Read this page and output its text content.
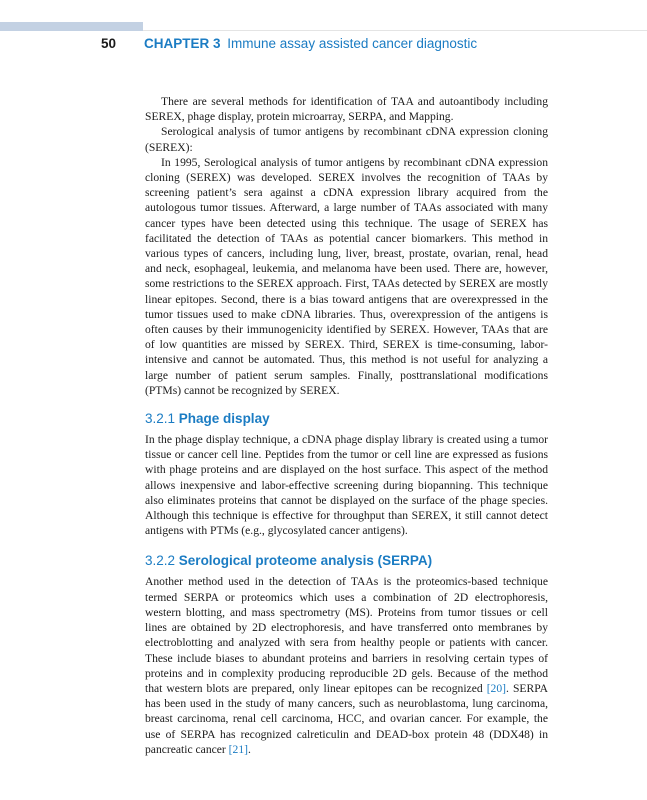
50 CHAPTER 3 Immune assay assisted cancer diagnostic

There are several methods for identification of TAA and autoantibody including SEREX, phage display, protein microarray, SERPA, and Mapping.

Serological analysis of tumor antigens by recombinant cDNA expression cloning (SEREX):

In 1995, Serological analysis of tumor antigens by recombinant cDNA expression cloning (SEREX) was developed. SEREX involves the recognition of TAAs by screening patient’s sera against a cDNA expression library acquired from the autologous tumor tissues. Afterward, a large number of TAAs associated with many cancer types have been detected using this technique. The usage of SEREX has facilitated the detection of TAAs as potential cancer biomarkers. This method in various types of cancers, including lung, liver, breast, prostate, ovarian, renal, head and neck, esophageal, leukemia, and melanoma have been used. There are, however, some restrictions to the SEREX approach. First, TAAs detected by SEREX are mostly linear epitopes. Second, there is a bias toward antigens that are overexpressed in the tumor tissues used to make cDNA libraries. Thus, overexpression of the antigens is often causes by their immunogenicity identified by SEREX. However, TAAs that are of low quantities are missed by SEREX. Third, SEREX is time-consuming, labor-intensive and cannot be automated. Thus, this method is not useful for analyzing a large number of patient serum samples. Finally, posttranslational modifications (PTMs) cannot be recognized by SEREX.

3.2.1 Phage display

In the phage display technique, a cDNA phage display library is created using a tumor tissue or cancer cell line. Peptides from the tumor or cell line are expressed as fusions with phage proteins and are displayed on the host surface. This aspect of the method allows inexpensive and labor-effective screening during biopanning. This technique also eliminates proteins that cannot be displayed on the surface of the phage species. Although this technique is effective for throughput than SEREX, it still cannot detect antigens with PTMs (e.g., glycosylated cancer antigens).

3.2.2 Serological proteome analysis (SERPA)

Another method used in the detection of TAAs is the proteomics-based technique termed SERPA or proteomics which uses a combination of 2D electrophoresis, western blotting, and mass spectrometry (MS). Proteins from tumor tissues or cell lines are obtained by 2D electrophoresis, and have transferred onto membranes by electroblotting and analyzed with sera from healthy people or patients with cancer. These include biases to abundant proteins and barriers in resolving certain types of proteins and in complexity producing reproducible 2D gels. Because of the method that western blots are prepared, only linear epitopes can be recognized [20]. SERPA has been used in the study of many cancers, such as neuroblastoma, lung carcinoma, breast carcinoma, renal cell carcinoma, HCC, and ovarian cancer. For example, the use of SERPA has recognized calreticulin and DEAD-box protein 48 (DDX48) in pancreatic cancer [21].
